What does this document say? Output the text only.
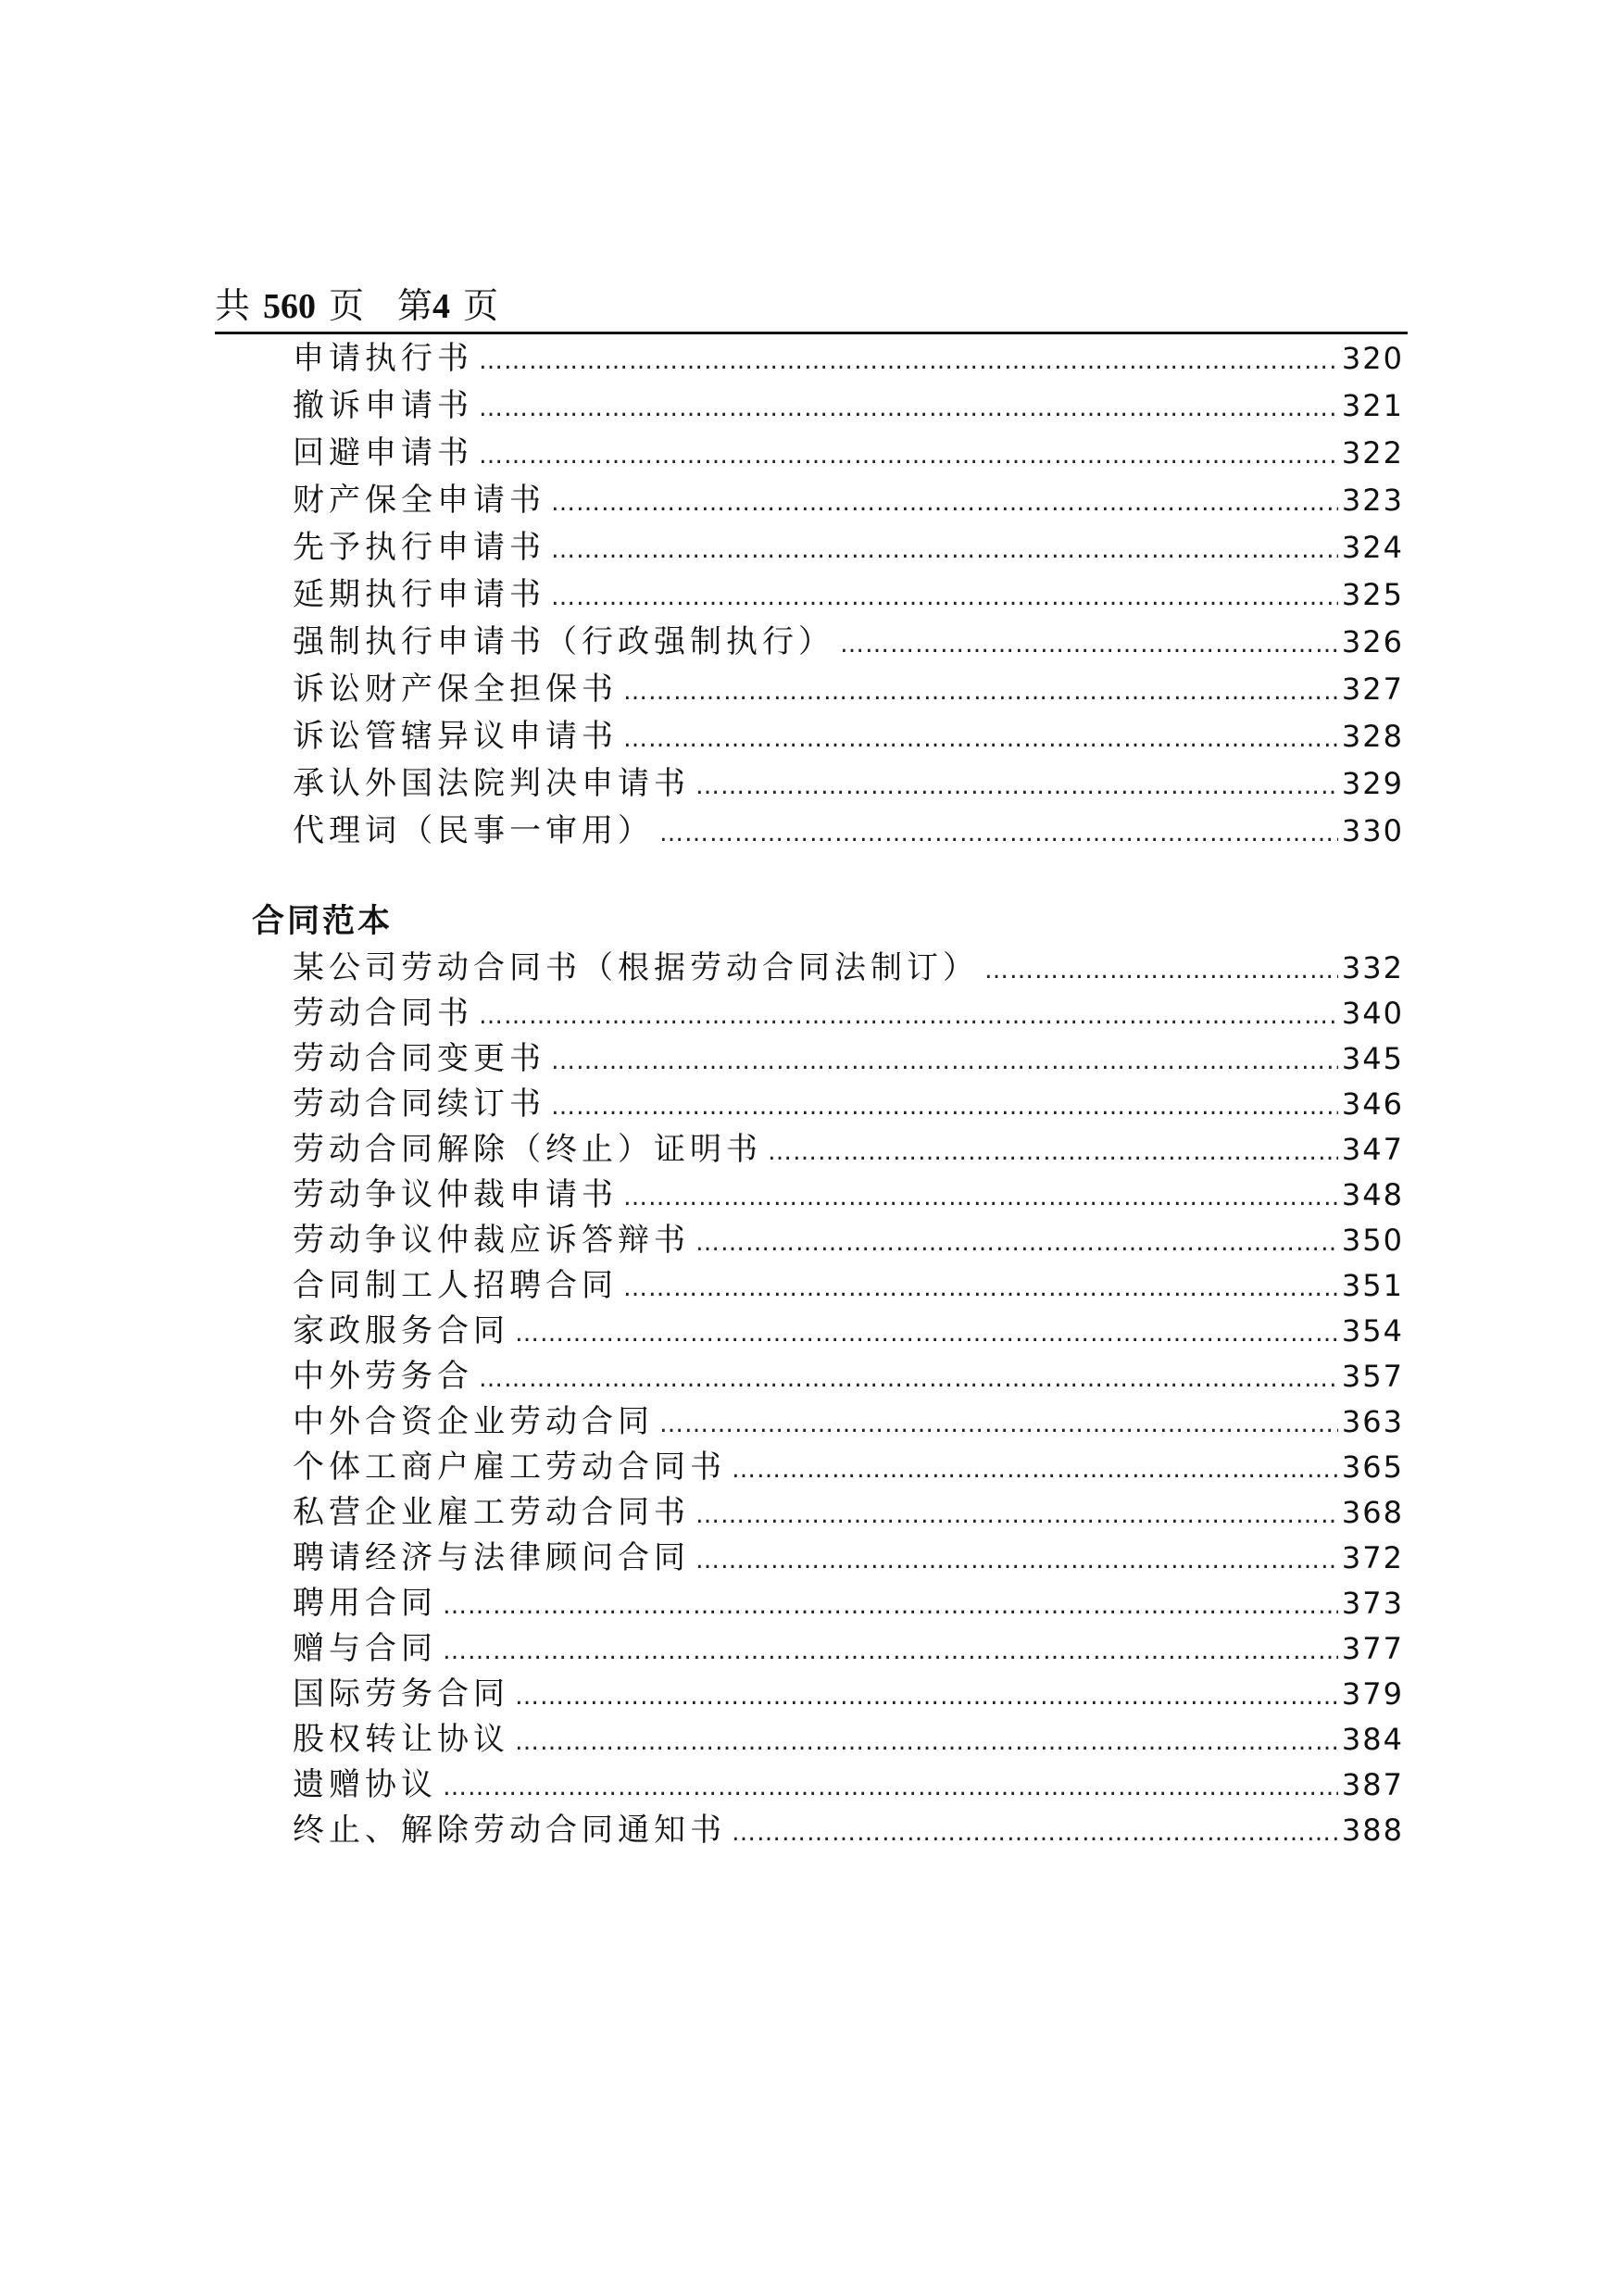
共 560 页 第4 页
申请执行书 …………………………………………………………………………………………………………………………………………………………………………………………………………	320
撤诉申请书 …………………………………………………………………………………………………………………………………………………………………………………………………………	321
回避申请书 …………………………………………………………………………………………………………………………………………………………………………………………………………	322
财产保全申请书 …………………………………………………………………………………………………………………………………………………………………………………………………………	323
先予执行申请书 …………………………………………………………………………………………………………………………………………………………………………………………………………	324
延期执行申请书 …………………………………………………………………………………………………………………………………………………………………………………………………………	325
强制执行申请书（行政强制执行） …………………………………………………………………………………………………………………………………………………………………………………………………………	326
诉讼财产保全担保书 …………………………………………………………………………………………………………………………………………………………………………………………………………	327
诉讼管辖异议申请书 …………………………………………………………………………………………………………………………………………………………………………………………………………	328
承认外国法院判决申请书 …………………………………………………………………………………………………………………………………………………………………………………………………………	329
代理词（民事一审用） …………………………………………………………………………………………………………………………………………………………………………………………………………	330
合同范本
某公司劳动合同书（根据劳动合同法制订） …………………………………………………………………………………………………………………………………………………………………………………………………………	332
劳动合同书 …………………………………………………………………………………………………………………………………………………………………………………………………………	340
劳动合同变更书 …………………………………………………………………………………………………………………………………………………………………………………………………………	345
劳动合同续订书 …………………………………………………………………………………………………………………………………………………………………………………………………………	346
劳动合同解除（终止）证明书 …………………………………………………………………………………………………………………………………………………………………………………………………………	347
劳动争议仲裁申请书 …………………………………………………………………………………………………………………………………………………………………………………………………………	348
劳动争议仲裁应诉答辩书 …………………………………………………………………………………………………………………………………………………………………………………………………………	350
合同制工人招聘合同 …………………………………………………………………………………………………………………………………………………………………………………………………………	351
家政服务合同 …………………………………………………………………………………………………………………………………………………………………………………………………………	354
中外劳务合 …………………………………………………………………………………………………………………………………………………………………………………………………………	357
中外合资企业劳动合同 …………………………………………………………………………………………………………………………………………………………………………………………………………	363
个体工商户雇工劳动合同书 …………………………………………………………………………………………………………………………………………………………………………………………………………	365
私营企业雇工劳动合同书 …………………………………………………………………………………………………………………………………………………………………………………………………………	368
聘请经济与法律顾问合同 …………………………………………………………………………………………………………………………………………………………………………………………………………	372
聘用合同 …………………………………………………………………………………………………………………………………………………………………………………………………………	373
赠与合同 …………………………………………………………………………………………………………………………………………………………………………………………………………	377
国际劳务合同 …………………………………………………………………………………………………………………………………………………………………………………………………………	379
股权转让协议 …………………………………………………………………………………………………………………………………………………………………………………………………………	384
遗赠协议 …………………………………………………………………………………………………………………………………………………………………………………………………………	387
终止、解除劳动合同通知书 …………………………………………………………………………………………………………………………………………………………………………………………………………	388
